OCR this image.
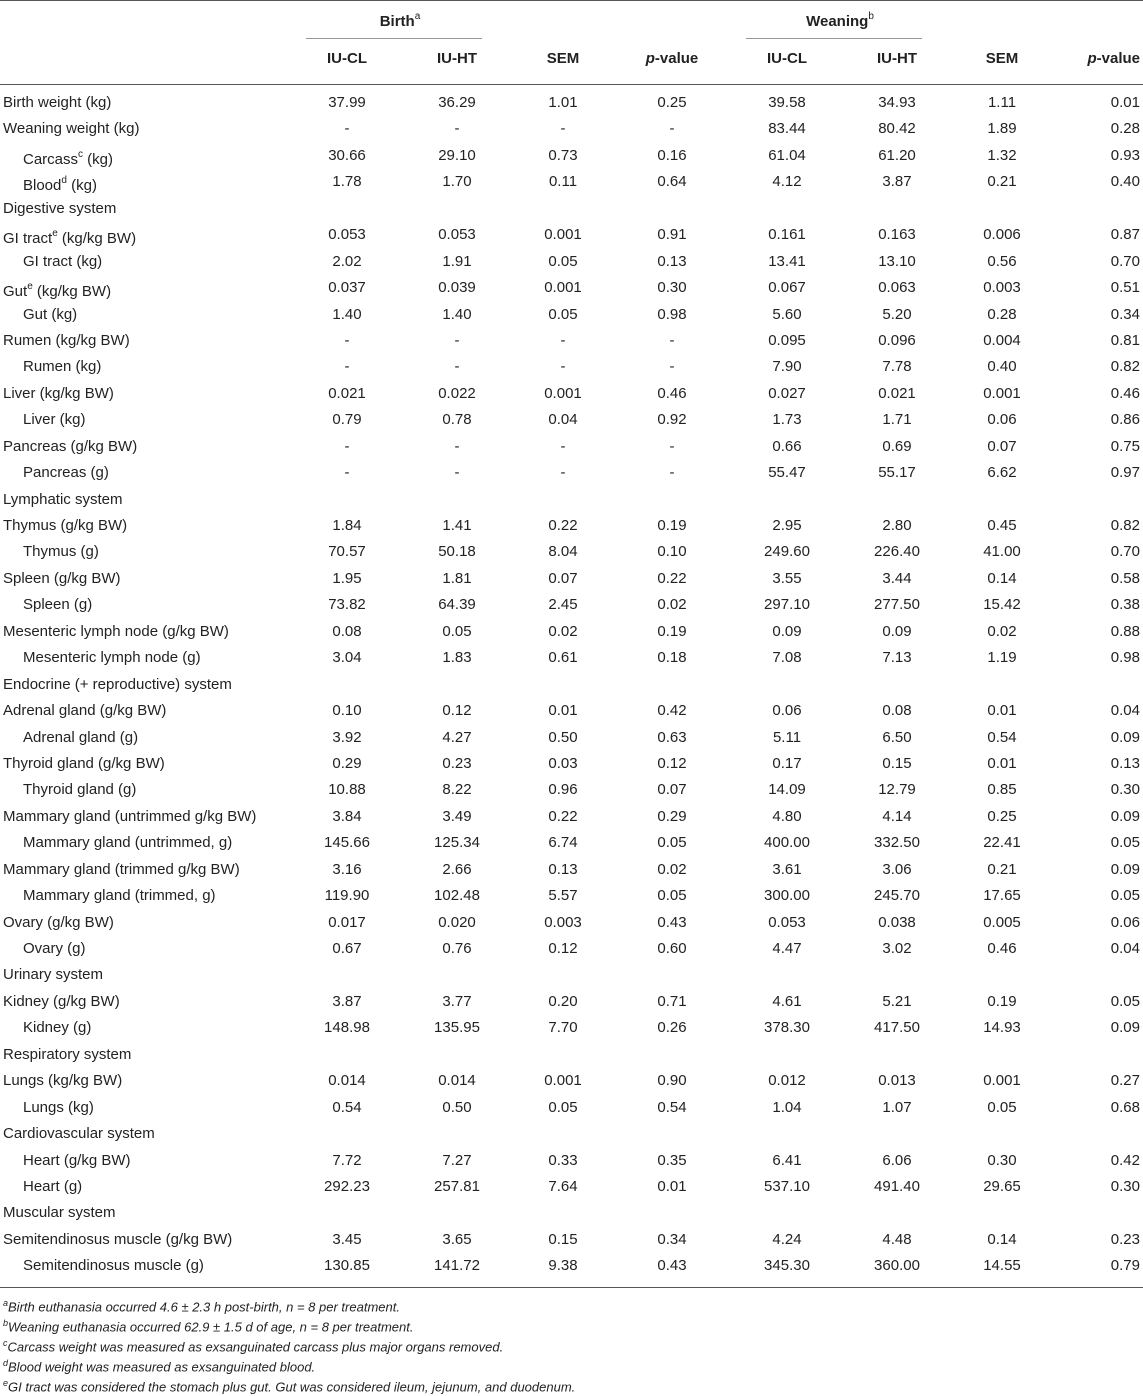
Birth$^a$	Weaning$^b$
IU-CL	IU-HT	SEM	p-value	IU-CL	IU-HT	SEM	p-value
Birth weight (kg)	37.99	36.29	1.01	0.25	39.58	34.93	1.11	0.01
Weaning weight (kg)	-	-	-	-	83.44	80.42	1.89	0.28
Carcass$^c$ (kg)	30.66	29.10	0.73	0.16	61.04	61.20	1.32	0.93
Blood$^d$ (kg)	1.78	1.70	0.11	0.64	4.12	3.87	0.21	0.40
Digestive system
GI tract$^e$ (kg/kg BW)	0.053	0.053	0.001	0.91	0.161	0.163	0.006	0.87
GI tract (kg)	2.02	1.91	0.05	0.13	13.41	13.10	0.56	0.70
Gut$^e$ (kg/kg BW)	0.037	0.039	0.001	0.30	0.067	0.063	0.003	0.51
Gut (kg)	1.40	1.40	0.05	0.98	5.60	5.20	0.28	0.34
Rumen (kg/kg BW)	-	-	-	-	0.095	0.096	0.004	0.81
Rumen (kg)	-	-	-	-	7.90	7.78	0.40	0.82
Liver (kg/kg BW)	0.021	0.022	0.001	0.46	0.027	0.021	0.001	0.46
Liver (kg)	0.79	0.78	0.04	0.92	1.73	1.71	0.06	0.86
Pancreas (g/kg BW)	-	-	-	-	0.66	0.69	0.07	0.75
Pancreas (g)	-	-	-	-	55.47	55.17	6.62	0.97
Lymphatic system
Thymus (g/kg BW)	1.84	1.41	0.22	0.19	2.95	2.80	0.45	0.82
Thymus (g)	70.57	50.18	8.04	0.10	249.60	226.40	41.00	0.70
Spleen (g/kg BW)	1.95	1.81	0.07	0.22	3.55	3.44	0.14	0.58
Spleen (g)	73.82	64.39	2.45	0.02	297.10	277.50	15.42	0.38
Mesenteric lymph node (g/kg BW)	0.08	0.05	0.02	0.19	0.09	0.09	0.02	0.88
Mesenteric lymph node (g)	3.04	1.83	0.61	0.18	7.08	7.13	1.19	0.98
Endocrine (+ reproductive) system
Adrenal gland (g/kg BW)	0.10	0.12	0.01	0.42	0.06	0.08	0.01	0.04
Adrenal gland (g)	3.92	4.27	0.50	0.63	5.11	6.50	0.54	0.09
Thyroid gland (g/kg BW)	0.29	0.23	0.03	0.12	0.17	0.15	0.01	0.13
Thyroid gland (g)	10.88	8.22	0.96	0.07	14.09	12.79	0.85	0.30
Mammary gland (untrimmed g/kg BW)	3.84	3.49	0.22	0.29	4.80	4.14	0.25	0.09
Mammary gland (untrimmed, g)	145.66	125.34	6.74	0.05	400.00	332.50	22.41	0.05
Mammary gland (trimmed g/kg BW)	3.16	2.66	0.13	0.02	3.61	3.06	0.21	0.09
Mammary gland (trimmed, g)	119.90	102.48	5.57	0.05	300.00	245.70	17.65	0.05
Ovary (g/kg BW)	0.017	0.020	0.003	0.43	0.053	0.038	0.005	0.06
Ovary (g)	0.67	0.76	0.12	0.60	4.47	3.02	0.46	0.04
Urinary system
Kidney (g/kg BW)	3.87	3.77	0.20	0.71	4.61	5.21	0.19	0.05
Kidney (g)	148.98	135.95	7.70	0.26	378.30	417.50	14.93	0.09
Respiratory system
Lungs (kg/kg BW)	0.014	0.014	0.001	0.90	0.012	0.013	0.001	0.27
Lungs (kg)	0.54	0.50	0.05	0.54	1.04	1.07	0.05	0.68
Cardiovascular system
Heart (g/kg BW)	7.72	7.27	0.33	0.35	6.41	6.06	0.30	0.42
Heart (g)	292.23	257.81	7.64	0.01	537.10	491.40	29.65	0.30
Muscular system
Semitendinosus muscle (g/kg BW)	3.45	3.65	0.15	0.34	4.24	4.48	0.14	0.23
Semitendinosus muscle (g)	130.85	141.72	9.38	0.43	345.30	360.00	14.55	0.79
$^a$Birth euthanasia occurred 4.6 ± 2.3 h post-birth, n = 8 per treatment.
$^b$Weaning euthanasia occurred 62.9 ± 1.5 d of age, n = 8 per treatment.
$^c$Carcass weight was measured as exsanguinated carcass plus major organs removed.
$^d$Blood weight was measured as exsanguinated blood.
$^e$GI tract was considered the stomach plus gut. Gut was considered ileum, jejunum, and duodenum.
